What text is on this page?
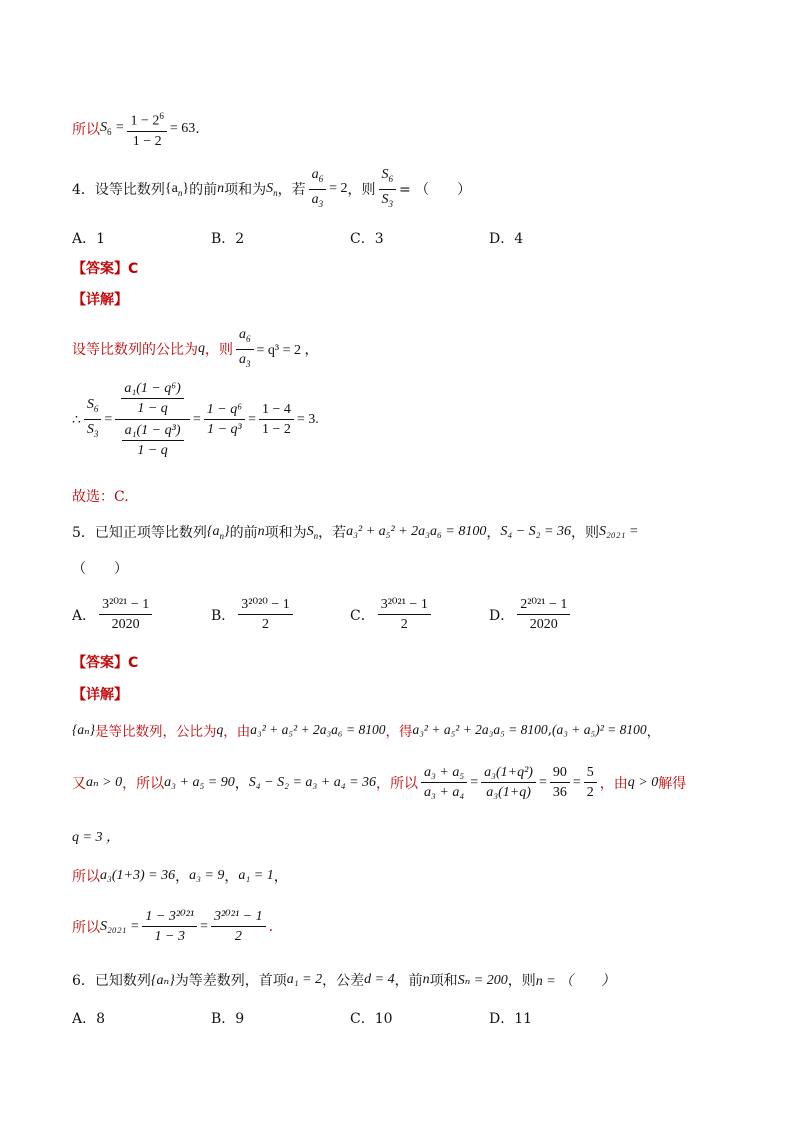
所以 $S_6 = \frac{1 - 2^6}{1 - 2} = 63$ .
4． 设等比数列 $\{a_n\}$ 的前 n 项和为 $S_n$ ，若 $\frac{a_6}{a_3} = 2$ ，则 $\frac{S_6}{S_3}$ = （　　）
A．1	B．2	C．3	D．4
【答案】C
【详解】
设等比数列的公比为 q ，则 $\frac{a_6}{a_3} = q^3 = 2$ ，
∴ $\frac{S_6}{S_3} = \frac{\frac{\text{a₁(1 − q⁶)}}{1 - q}}{\frac{\text{a₁(1 − q³)}}{1 - q}} = \frac{\text{1 − q⁶}}{\text{1 − q³}} = \frac{1 - 4}{1 - 2} = 3$.
故选：C.
5． 已知正项等比数列 $\{a_n\}$ 的前 n 项和为 $S_n$ ，若 a₃² + a₅² + 2a₃a₆ = 8100 ， S₄ − S₂ = 36 ，则 S₂₀₂₁ =
（　　）
A． $\frac{\text{3²⁰²¹ − 1}}{2020}$	B． $\frac{\text{3²⁰²⁰ − 1}}{2}$	C． $\frac{\text{3²⁰²¹ − 1}}{2}$	D． $\frac{\text{2²⁰²¹ − 1}}{2020}$
【答案】C
【详解】
{aₙ} 是等比数列，公比为 q ，由 a₃² + a₅² + 2a₃a₆ = 8100 ，得 a₃² + a₅² + 2a₃a₅ = 8100 , (a₃ + a₅)² = 8100 ，
又 aₙ > 0 ，所以 a₃ + a₅ = 90 ， S₄ − S₂ = a₃ + a₄ = 36 ，所以 $\frac{\text{a₃ + a₅}}{\text{a₃ + a₄}} = \frac{\text{a₃(1+q²)}}{\text{a₃(1+q)}} = \frac{90}{36} = \frac{5}{2}$ ，由 q > 0 解得
q = 3 ，
所以 a₃(1+3) = 36 ， a₃ = 9 ， a₁ = 1 ，
所以 $S_{2021} = \frac{\text{1 − 3²⁰²¹}}{1 - 3} = \frac{\text{3²⁰²¹ − 1}}{2}$ .
6． 已知数列 {aₙ} 为等差数列，首项 a₁ = 2 ，公差 d = 4 ，前 n 项和 Sₙ = 200 ，则 n = （　　）
A．8	B．9	C．10	D．11
